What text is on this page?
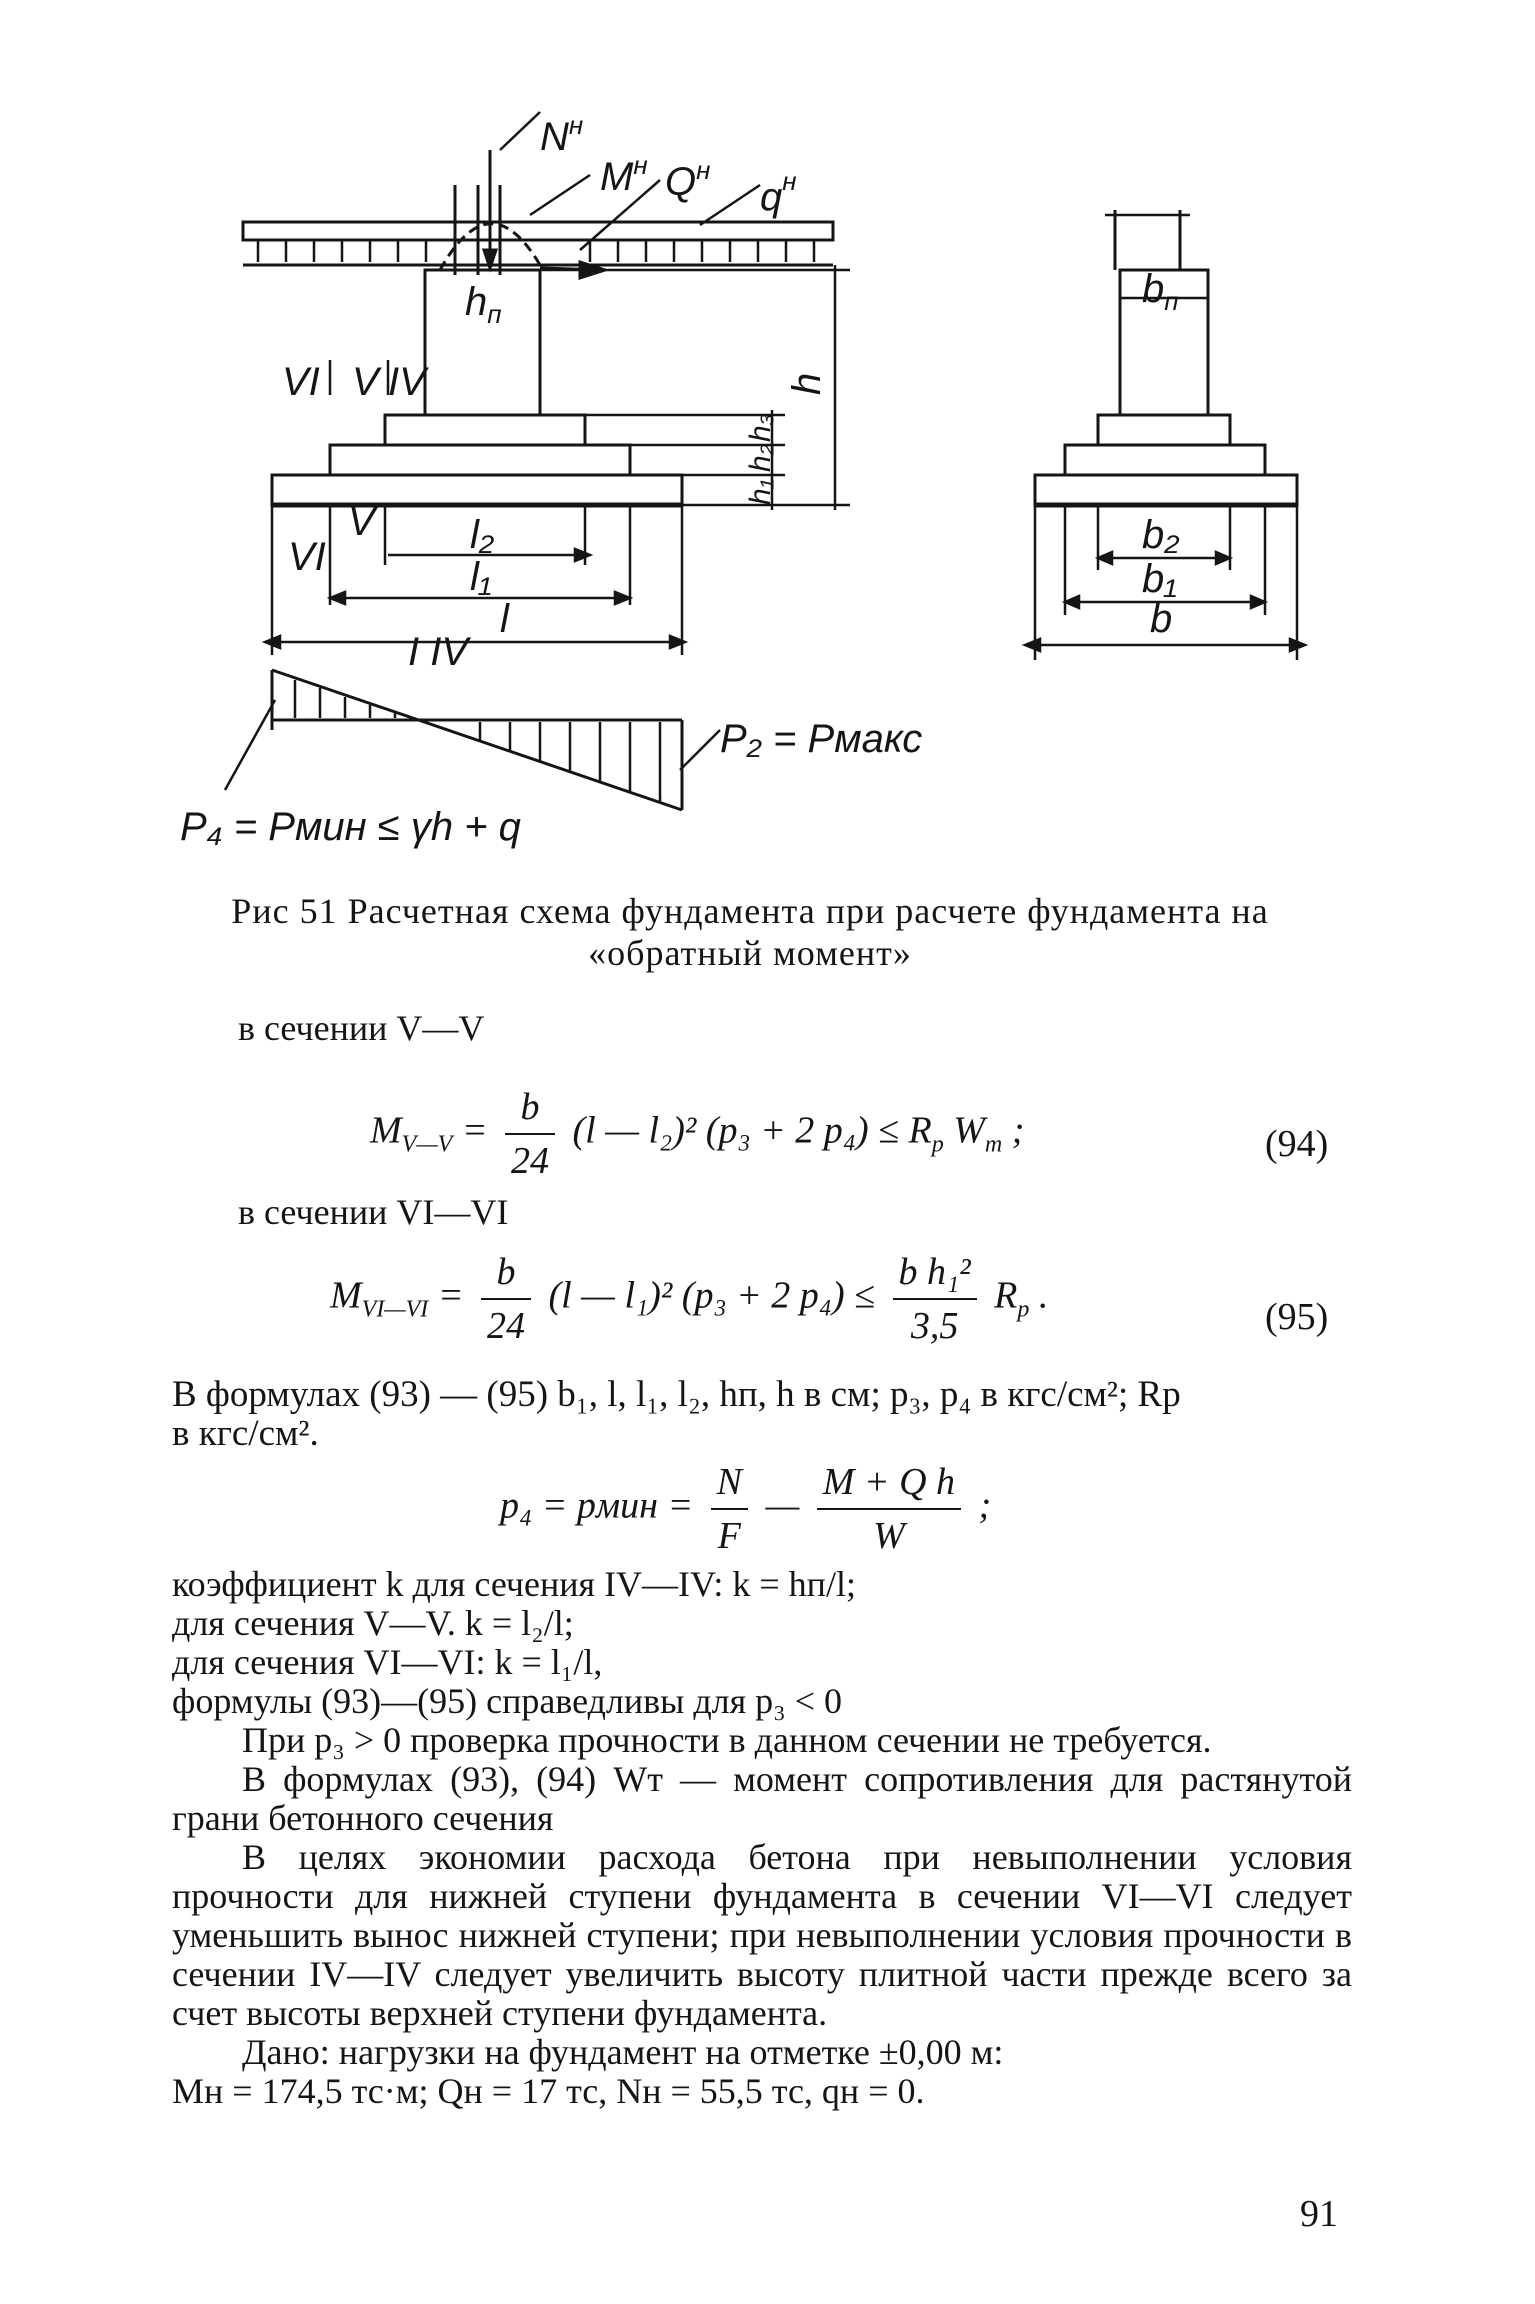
$N^н$
$M^н$ $Q^н$
$q^н$
$h_п$
h
h₁
h₂
h₃
VI V IV
VI
V l₂
l₁
l
I IV
$b_п$
b₂
b₁
b
P₂ = Pмакс
P₄ = Pмин ≤ γh + q
Рис 51 Расчетная схема фундамента при расчете фундамента на
«обратный момент»
в сечении V—V
$M_{V—V} = \frac{b}{24} (l$ — l₂)² (p₃ + 2 $p_4) \le R_р$ $W_т$ ;	(94)
в сечении VI—VI
$M_{VI—VI} = \frac{b}{24} (l$ — l₁)² (p₃ + 2 $p_4) \le \frac{\text{b h₁²}}{3,5} R_р$ .
(95)

В формулах (93) — (95) b₁, l, l₁, l₂, hп, h в см; p₃, p₄ в кгс/см²; Rр

в кгс/см².

p₄ = pмин = $\frac{N}{F}$ — $\frac{\text{M + Q h}}{W}$ ;

коэффициент k для сечения IV—IV: k = hп/l;

для сечения V—V. k = l₂/l;

для сечения VI—VI: k = l₁/l,

формулы (93)—(95) справедливы для p₃ < 0

При p₃ > 0 проверка прочности в данном сечении не требуется.

В формулах (93), (94) Wт — момент сопротивления для растянутой грани бетонного сечения

В целях экономии расхода бетона при невыполнении условия прочности для нижней ступени фундамента в сечении VI—VI следует уменьшить вынос нижней ступени; при невыполнении условия прочности в сечении IV—IV следует увеличить высоту плитной части прежде всего за счет высоты верхней ступени фундамента.

Дано: нагрузки на фундамент на отметке ±0,00 м:

Mн = 174,5 тс·м; Qн = 17 тс, Nн = 55,5 тс, qн = 0.

91
